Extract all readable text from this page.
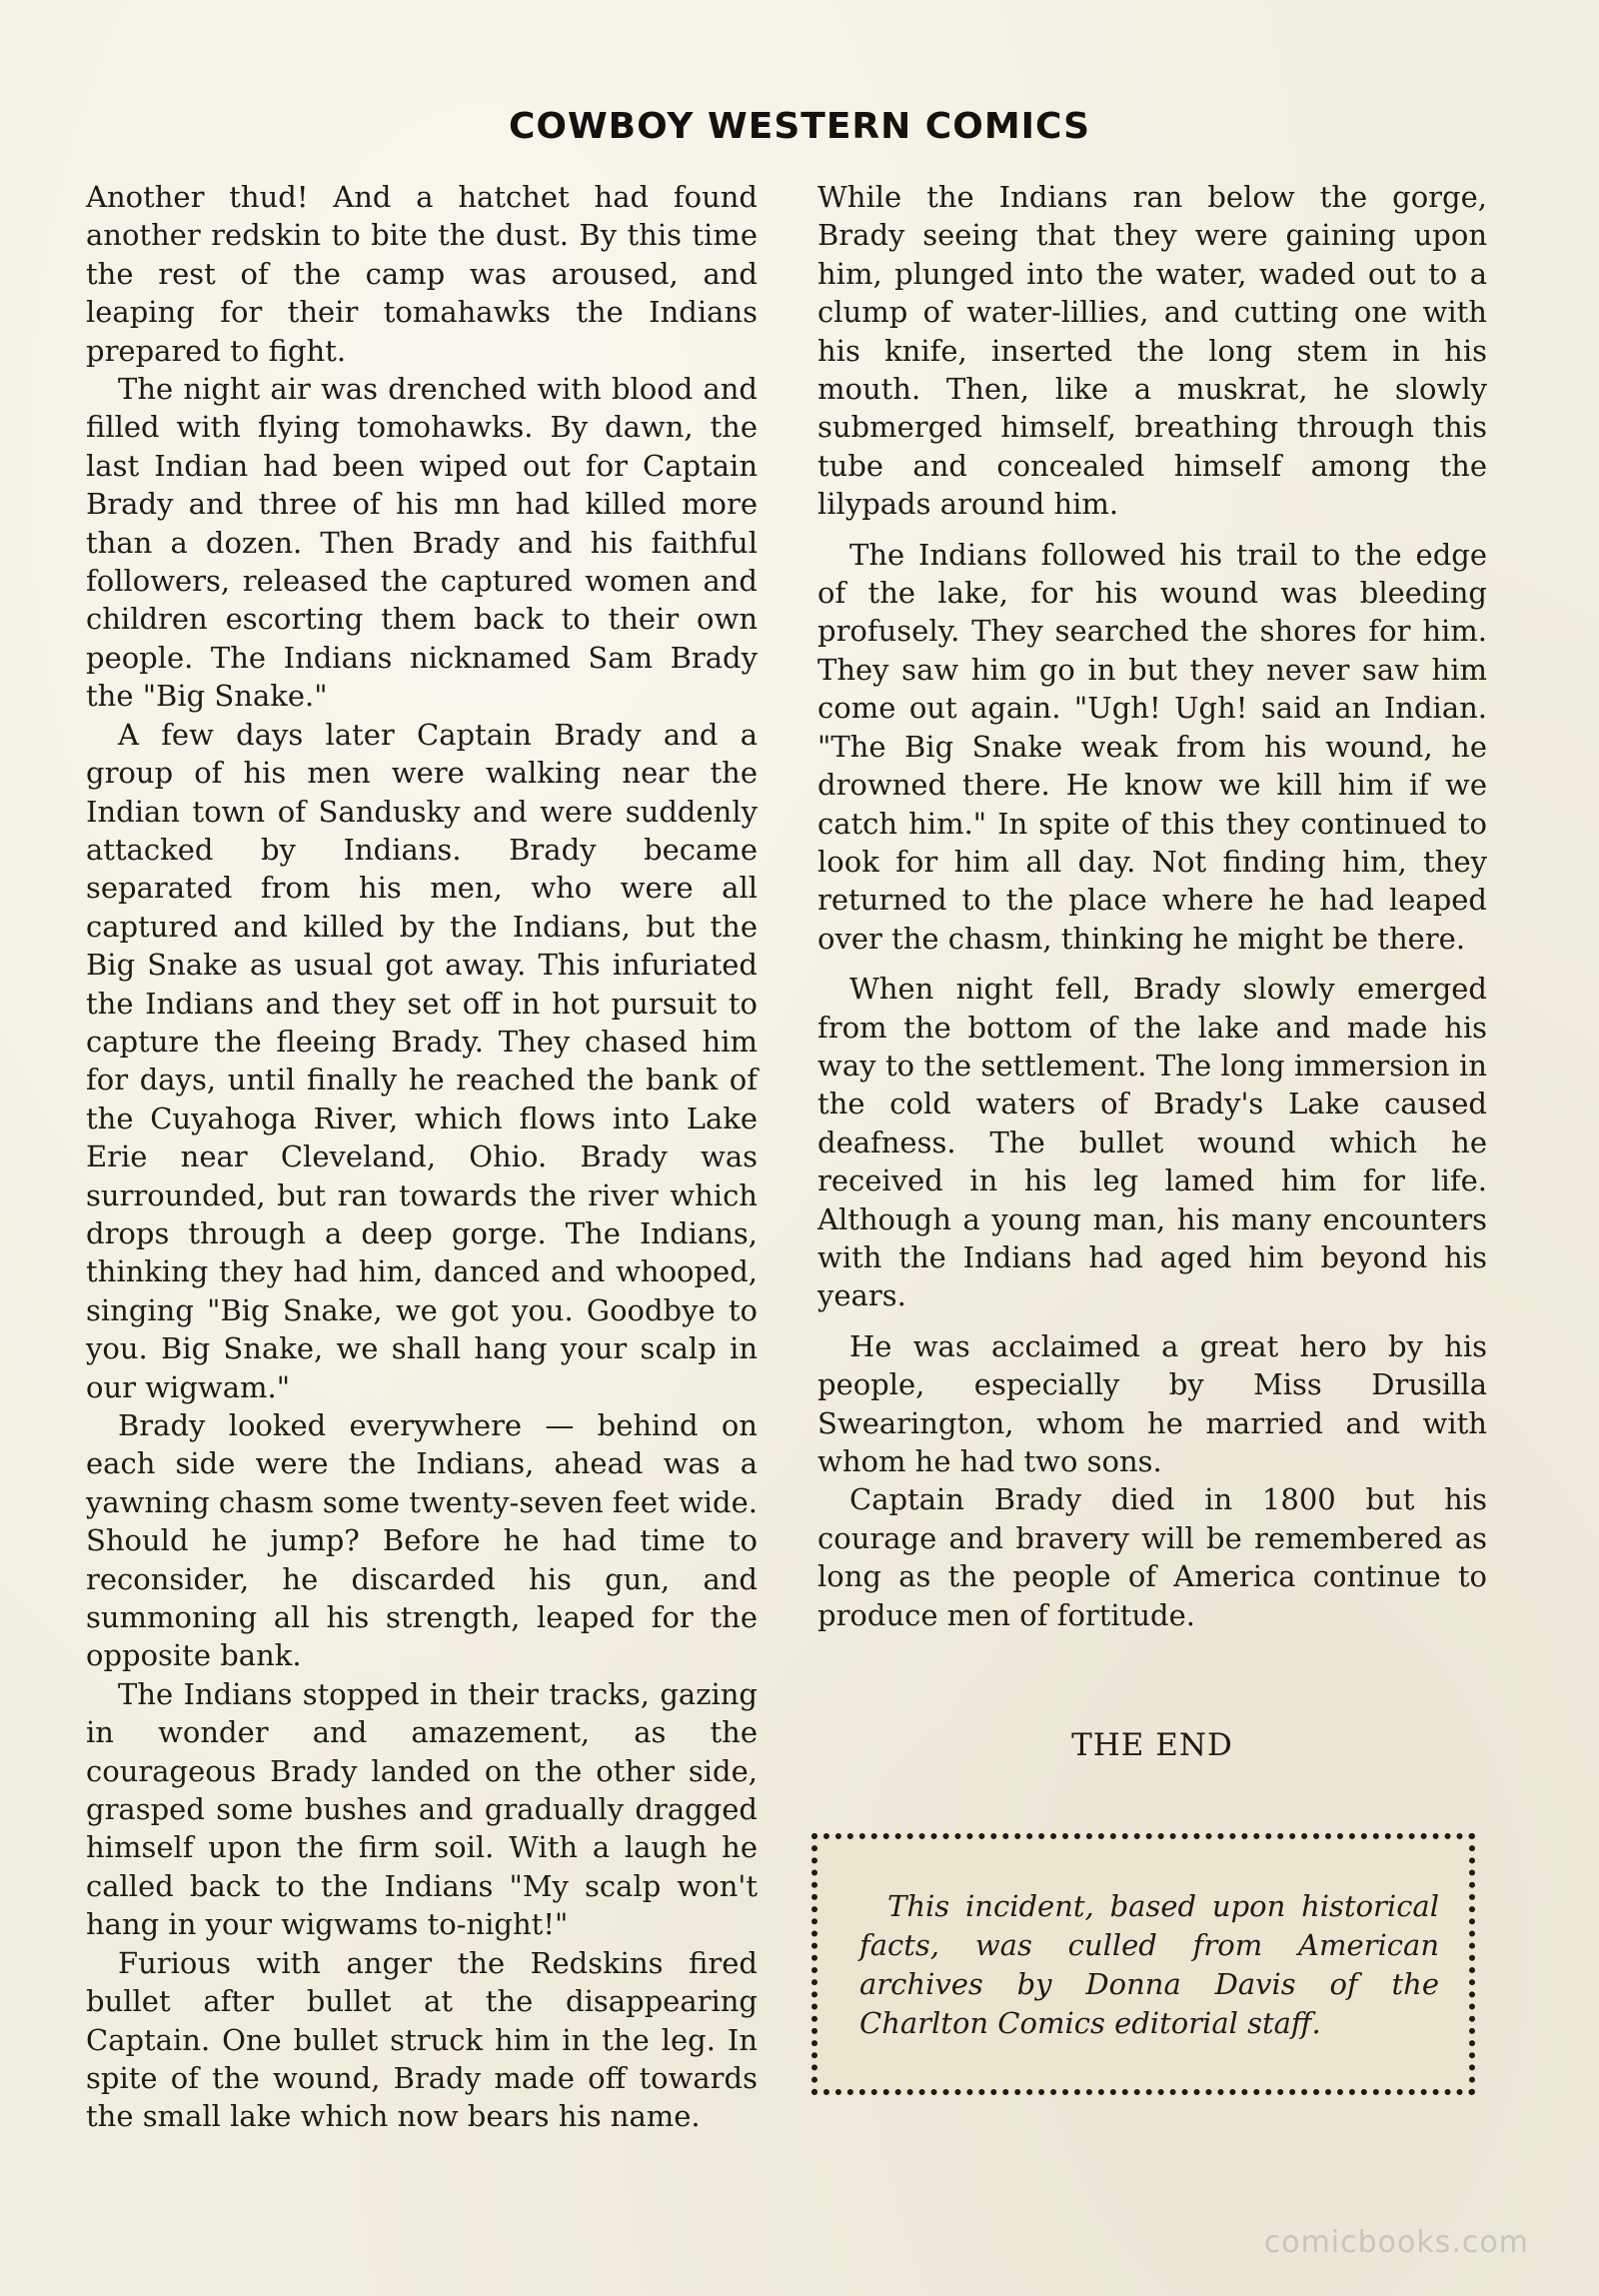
COWBOY WESTERN COMICS

Another thud! And a hatchet had found another redskin to bite the dust. By this time the rest of the camp was aroused, and leaping for their tomahawks the Indians prepared to fight.

The night air was drenched with blood and filled with flying tomohawks. By dawn, the last Indian had been wiped out for Captain Brady and three of his mn had killed more than a dozen. Then Brady and his faithful followers, released the captured women and children escorting them back to their own people. The Indians nicknamed Sam Brady the "Big Snake."

A few days later Captain Brady and a group of his men were walking near the Indian town of Sandusky and were suddenly attacked by Indians. Brady became separated from his men, who were all captured and killed by the Indians, but the Big Snake as usual got away. This infuriated the Indians and they set off in hot pursuit to capture the fleeing Brady. They chased him for days, until finally he reached the bank of the Cuyahoga River, which flows into Lake Erie near Cleveland, Ohio. Brady was surrounded, but ran towards the river which drops through a deep gorge. The Indians, thinking they had him, danced and whooped, singing "Big Snake, we got you. Goodbye to you. Big Snake, we shall hang your scalp in our wigwam."

Brady looked everywhere — behind on each side were the Indians, ahead was a yawning chasm some twenty-seven feet wide. Should he jump? Before he had time to reconsider, he discarded his gun, and summoning all his strength, leaped for the opposite bank.

The Indians stopped in their tracks, gazing in wonder and amazement, as the courageous Brady landed on the other side, grasped some bushes and gradually dragged himself upon the firm soil. With a laugh he called back to the Indians "My scalp won't hang in your wigwams to-night!"

Furious with anger the Redskins fired bullet after bullet at the disappearing Captain. One bullet struck him in the leg. In spite of the wound, Brady made off towards the small lake which now bears his name.

While the Indians ran below the gorge, Brady seeing that they were gaining upon him, plunged into the water, waded out to a clump of water-lillies, and cutting one with his knife, inserted the long stem in his mouth. Then, like a muskrat, he slowly submerged himself, breathing through this tube and concealed himself among the lilypads around him.

The Indians followed his trail to the edge of the lake, for his wound was bleeding profusely. They searched the shores for him. They saw him go in but they never saw him come out again. "Ugh! Ugh! said an Indian. "The Big Snake weak from his wound, he drowned there. He know we kill him if we catch him." In spite of this they continued to look for him all day. Not finding him, they returned to the place where he had leaped over the chasm, thinking he might be there.

When night fell, Brady slowly emerged from the bottom of the lake and made his way to the settlement. The long immersion in the cold waters of Brady's Lake caused deafness. The bullet wound which he received in his leg lamed him for life. Although a young man, his many encounters with the Indians had aged him beyond his years.

He was acclaimed a great hero by his people, especially by Miss Drusilla Swearington, whom he married and with whom he had two sons.

Captain Brady died in 1800 but his courage and bravery will be remembered as long as the people of America continue to produce men of fortitude.

THE END
This incident, based upon historical facts, was culled from American archives by Donna Davis of the Charlton Comics editorial staff.
comicbooks.com
